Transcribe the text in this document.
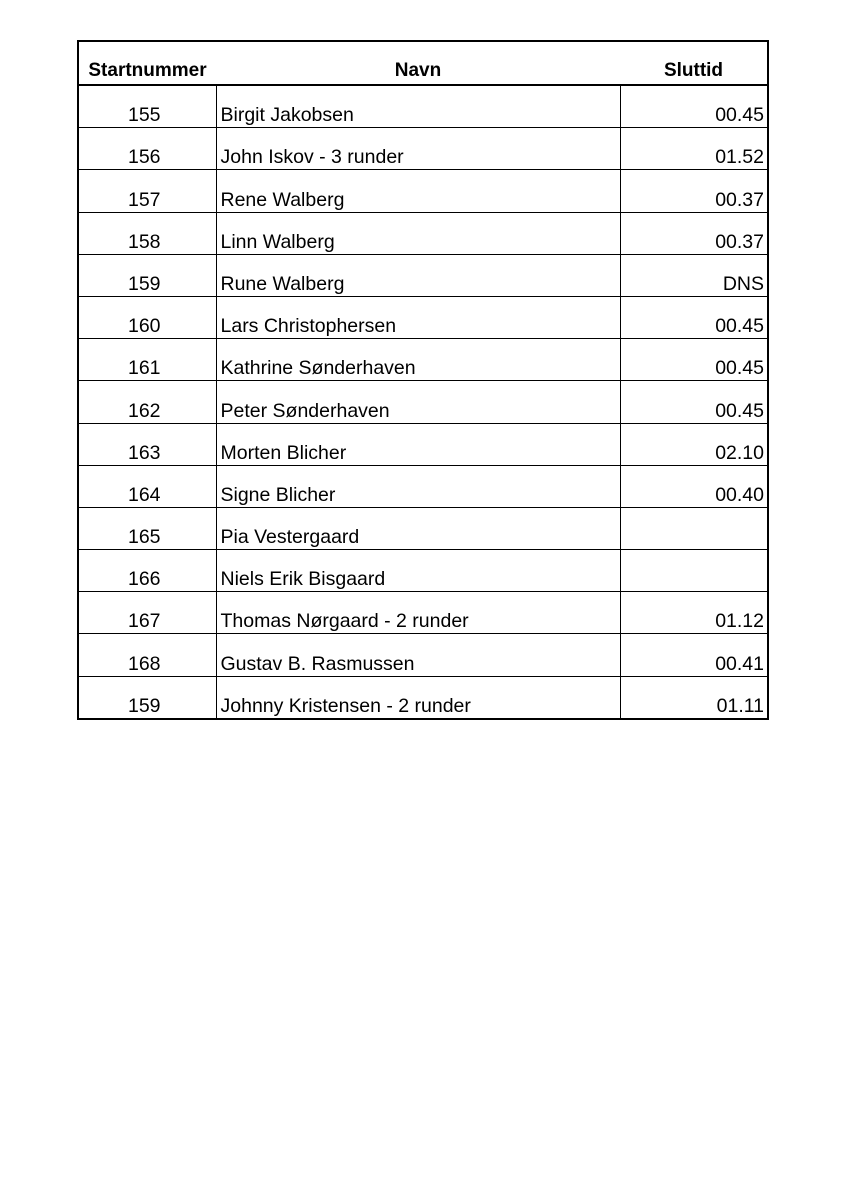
Startnummer	Navn	Sluttid
155	Birgit Jakobsen	00.45
156	John Iskov - 3 runder	01.52
157	Rene Walberg	00.37
158	Linn Walberg	00.37
159	Rune Walberg	DNS
160	Lars Christophersen	00.45
161	Kathrine Sønderhaven	00.45
162	Peter Sønderhaven	00.45
163	Morten Blicher	02.10
164	Signe Blicher	00.40
165	Pia Vestergaard	
166	Niels Erik Bisgaard	
167	Thomas Nørgaard - 2 runder	01.12
168	Gustav B. Rasmussen	00.41
159	Johnny Kristensen - 2 runder	01.11
